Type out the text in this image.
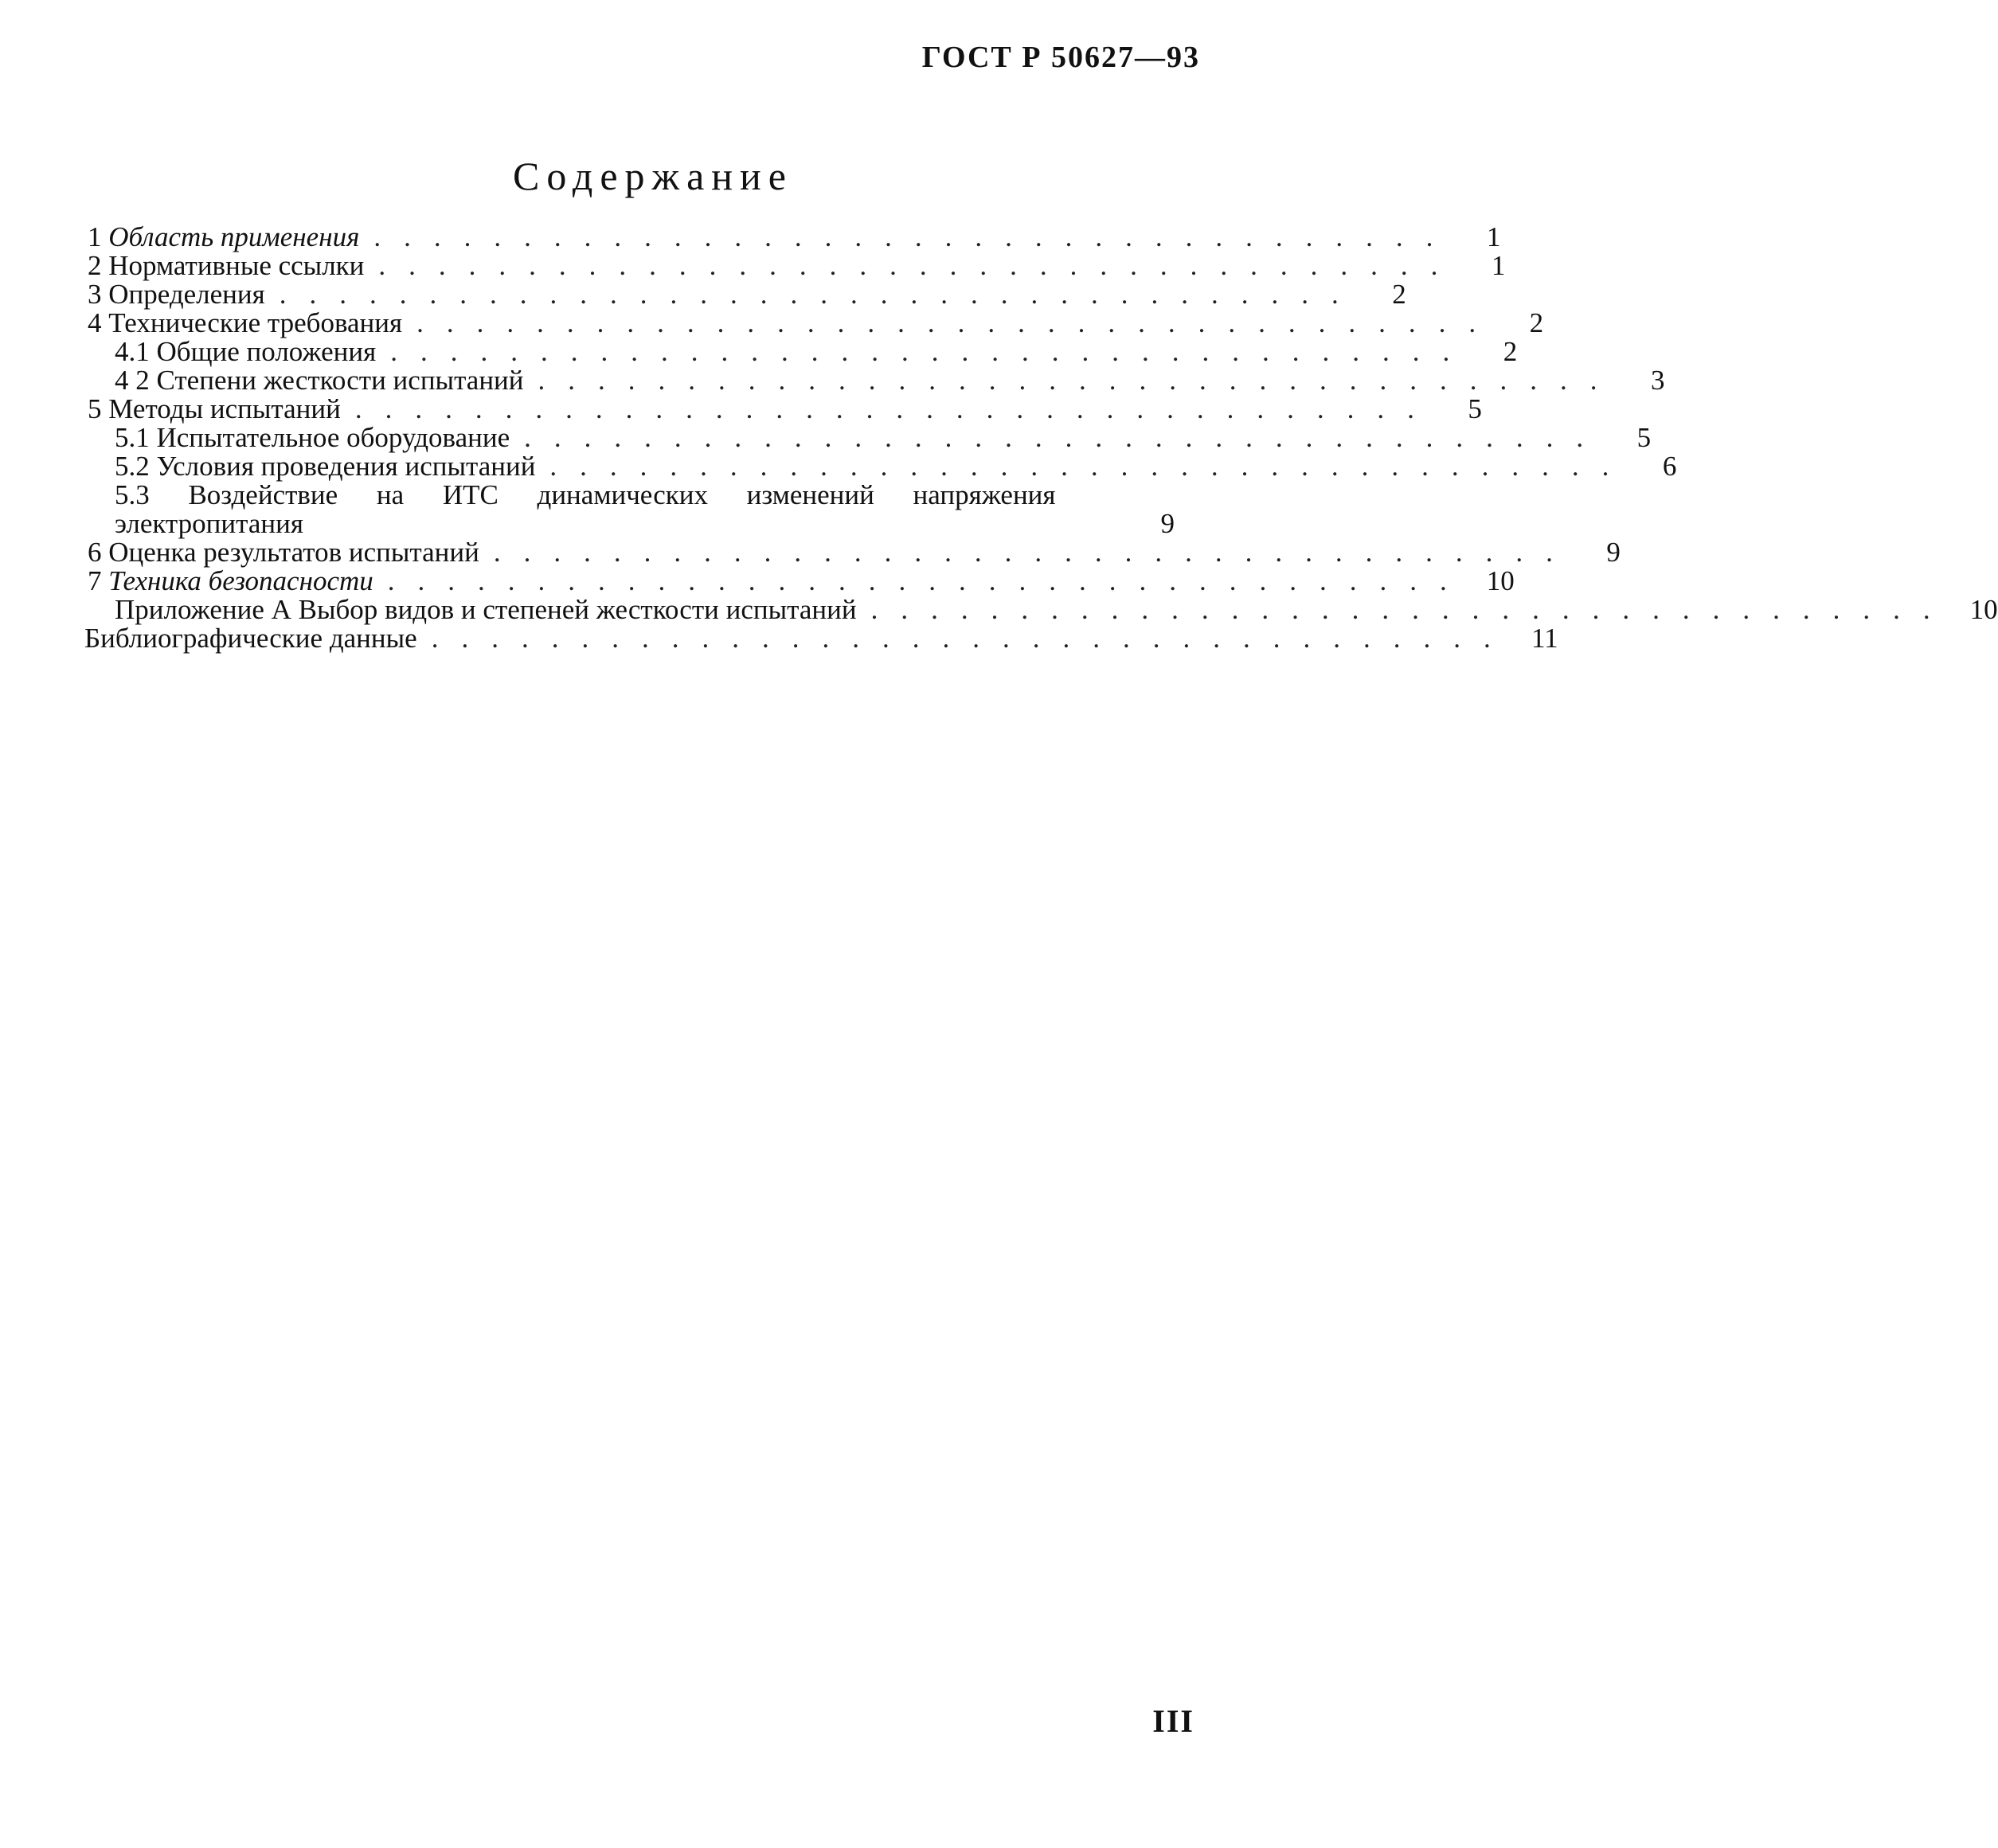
ГОСТ Р 50627—93
Содержание
1 Область применения ....................................	1
2 Нормативные ссылки ....................................	1
3 Определения ....................................	2
4 Технические требования ....................................	2
4.1 Общие положения ....................................	2
4 2 Степени жесткости испытаний ....................................	3
5 Методы испытаний ....................................	5
5.1 Испытательное оборудование ....................................	5
5.2 Условия проведения испытаний ....................................	6
5.3 Воздействие на ИТС динамических изменений напряжения электропитания	9
6 Оценка результатов испытаний ....................................	9
7 Техника безопасности .................................... 10
Приложение А Выбор видов и степеней жесткости испытаний .................................... 10
Библиографические данные .................................... 11
III
